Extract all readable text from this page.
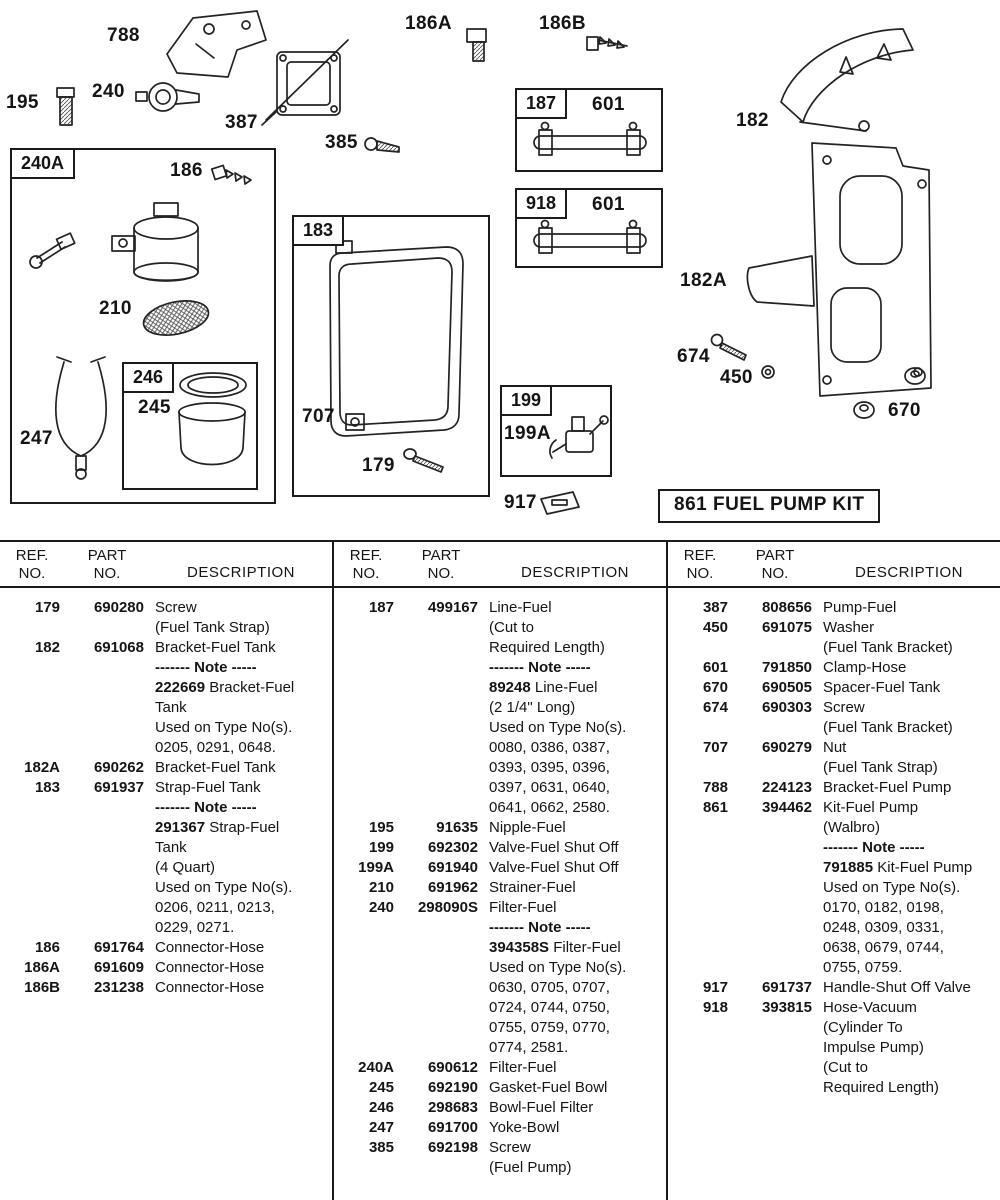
240A
183
246
199
187	601
918	601
861 FUEL PUMP KIT
788
186A	186B
195
240
387
385
182
186
182A
210
674
450
245	670
247
707
199A
179
917
REF.
NO.
PART
NO.	DESCRIPTION
179	690280 Screw
(Fuel Tank Strap)
182	691068 Bracket-Fuel Tank
------- Note -----
222669 Bracket-Fuel
Tank
Used on Type No(s).
0205, 0291, 0648.
182A	690262 Bracket-Fuel Tank
183	691937 Strap-Fuel Tank
------- Note -----
291367 Strap-Fuel
Tank
(4 Quart)
Used on Type No(s).
0206, 0211, 0213,
0229, 0271.
186	691764 Connector-Hose
186A	691609 Connector-Hose
186B	231238 Connector-Hose
REF.
NO.
PART
NO.	DESCRIPTION
187	499167 Line-Fuel
(Cut to
Required Length)
------- Note -----
89248 Line-Fuel
(2 1/4" Long)
Used on Type No(s).
0080, 0386, 0387,
0393, 0395, 0396,
0397, 0631, 0640,
0641, 0662, 2580.
195	91635 Nipple-Fuel
199	692302 Valve-Fuel Shut Off
199A	691940 Valve-Fuel Shut Off
210	691962 Strainer-Fuel
240	298090S Filter-Fuel
------- Note -----
394358S Filter-Fuel
Used on Type No(s).
0630, 0705, 0707,
0724, 0744, 0750,
0755, 0759, 0770,
0774, 2581.
240A	690612 Filter-Fuel
245	692190 Gasket-Fuel Bowl
246	298683 Bowl-Fuel Filter
247	691700 Yoke-Bowl
385	692198 Screw
(Fuel Pump)
REF.
NO.
PART
NO.	DESCRIPTION
387	808656 Pump-Fuel
450	691075 Washer
(Fuel Tank Bracket)
601	791850 Clamp-Hose
670	690505 Spacer-Fuel Tank
674	690303 Screw
(Fuel Tank Bracket)
707	690279 Nut
(Fuel Tank Strap)
788	224123 Bracket-Fuel Pump
861	394462 Kit-Fuel Pump
(Walbro)
------- Note -----
791885 Kit-Fuel Pump
Used on Type No(s).
0170, 0182, 0198,
0248, 0309, 0331,
0638, 0679, 0744,
0755, 0759.
917	691737 Handle-Shut Off Valve
918	393815 Hose-Vacuum
(Cylinder To
Impulse Pump)
(Cut to
Required Length)
